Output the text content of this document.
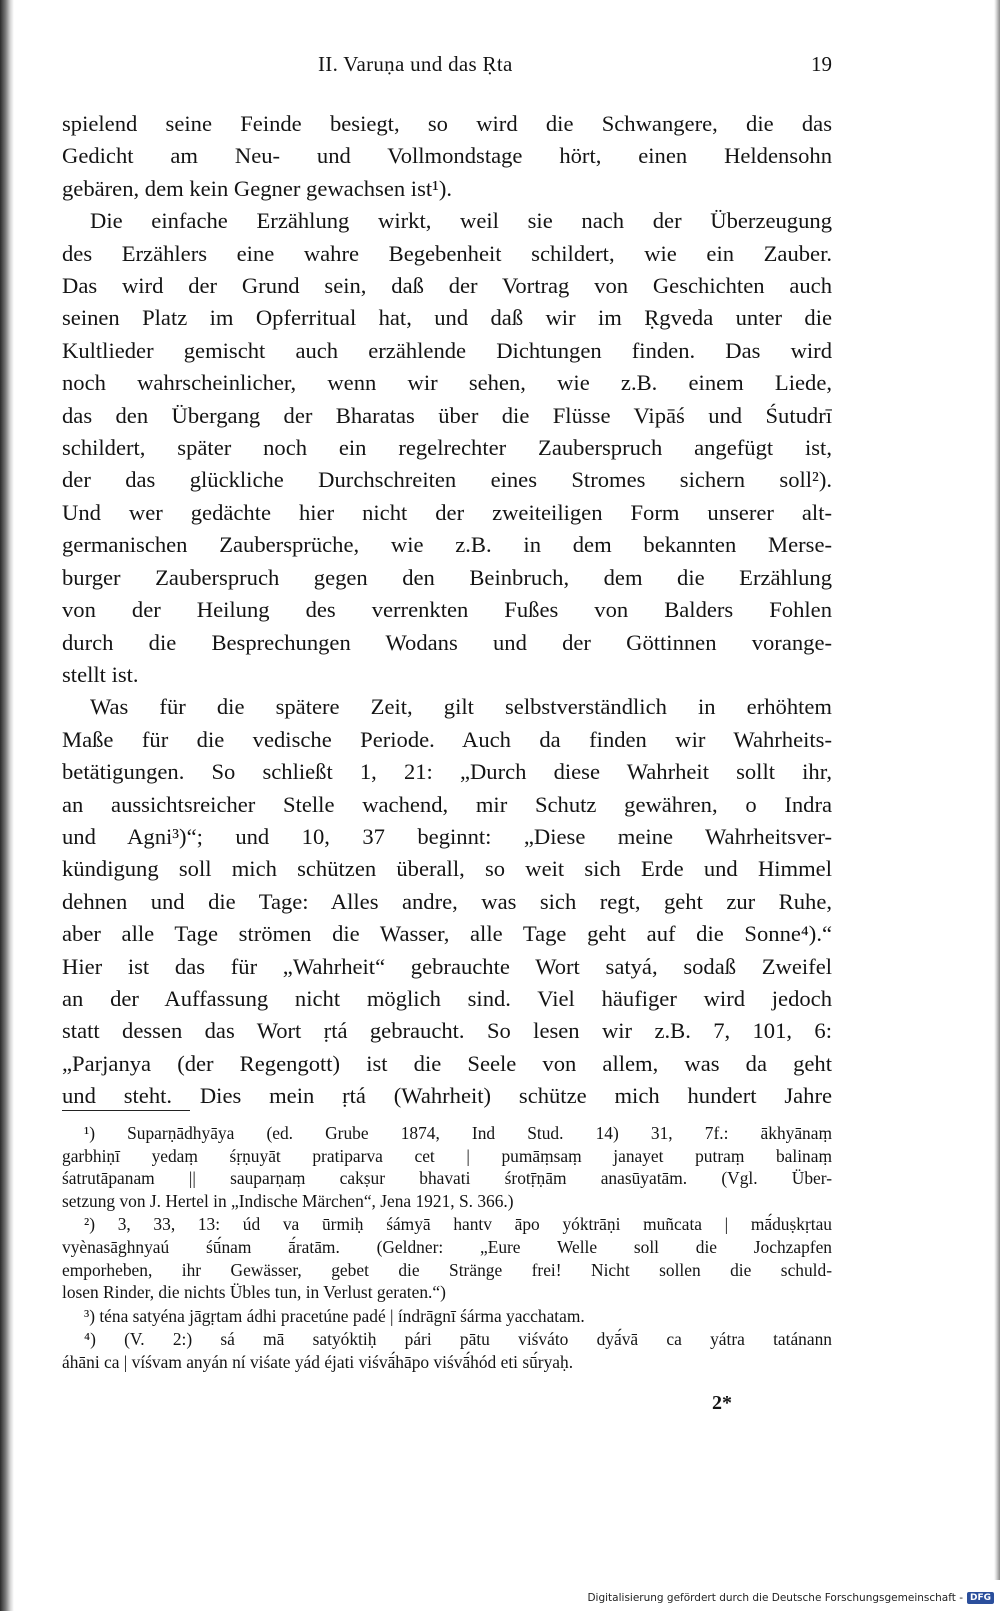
II. Varuṇa und das Ṛta	19
spielend seine Feinde besiegt, so wird die Schwangere, die das
Gedicht am Neu- und Vollmondstage hört, einen Heldensohn
gebären, dem kein Gegner gewachsen ist¹).
Die einfache Erzählung wirkt, weil sie nach der Überzeugung
des Erzählers eine wahre Begebenheit schildert, wie ein Zauber.
Das wird der Grund sein, daß der Vortrag von Geschichten auch
seinen Platz im Opferritual hat, und daß wir im Ṛgveda unter die
Kultlieder gemischt auch erzählende Dichtungen finden. Das wird
noch wahrscheinlicher, wenn wir sehen, wie z.B. einem Liede,
das den Übergang der Bharatas über die Flüsse Vipāś und Śutudrī
schildert, später noch ein regelrechter Zauberspruch angefügt ist,
der das glückliche Durchschreiten eines Stromes sichern soll²).
Und wer gedächte hier nicht der zweiteiligen Form unserer alt-
germanischen Zaubersprüche, wie z.B. in dem bekannten Merse-
burger Zauberspruch gegen den Beinbruch, dem die Erzählung
von der Heilung des verrenkten Fußes von Balders Fohlen
durch die Besprechungen Wodans und der Göttinnen vorange-
stellt ist.
Was für die spätere Zeit, gilt selbstverständlich in erhöhtem
Maße für die vedische Periode. Auch da finden wir Wahrheits-
betätigungen. So schließt 1, 21: „Durch diese Wahrheit sollt ihr,
an aussichtsreicher Stelle wachend, mir Schutz gewähren, o Indra
und Agni³)“; und 10, 37 beginnt: „Diese meine Wahrheitsver-
kündigung soll mich schützen überall, so weit sich Erde und Himmel
dehnen und die Tage: Alles andre, was sich regt, geht zur Ruhe,
aber alle Tage strömen die Wasser, alle Tage geht auf die Sonne⁴).“
Hier ist das für „Wahrheit“ gebrauchte Wort satyá, sodaß Zweifel
an der Auffassung nicht möglich sind. Viel häufiger wird jedoch
statt dessen das Wort ṛtá gebraucht. So lesen wir z.B. 7, 101, 6:
„Parjanya (der Regengott) ist die Seele von allem, was da geht
und steht. Dies mein ṛtá (Wahrheit) schütze mich hundert Jahre
¹) Suparṇādhyāya (ed. Grube 1874, Ind Stud. 14) 31, 7f.: ākhyānaṃ
garbhiṇī yedaṃ śṛṇuyāt pratiparva cet | pumāṃsaṃ janayet putraṃ balinaṃ
śatrutāpanam || sauparṇaṃ cakṣur bhavati śrotṝṇām anasūyatām. (Vgl. Über-
setzung von J. Hertel in „Indische Märchen“, Jena 1921, S. 366.)
²) 3, 33, 13: úd va ūrmiḥ śámyā hantv āpo yóktrāṇi muñcata | mā́duṣkṛtau
vyènasāghnyaú śū́nam ā́ratām. (Geldner: „Eure Welle soll die Jochzapfen
emporheben, ihr Gewässer, gebet die Stränge frei! Nicht sollen die schuld-
losen Rinder, die nichts Übles tun, in Verlust geraten.“)
³) téna satyéna jāgṛtam ádhi pracetúne padé | índrāgnī śárma yacchatam.
⁴) (V. 2:) sá mā satyóktiḥ pári pātu viśváto dyā́vā ca yátra tatánann
áhāni ca | víśvam anyán ní viśate yád éjati viśvā́hāpo viśvā́hód eti sū́ryaḥ.
2*
Digitalisierung gefördert durch die Deutsche Forschungsgemeinschaft - DFG
